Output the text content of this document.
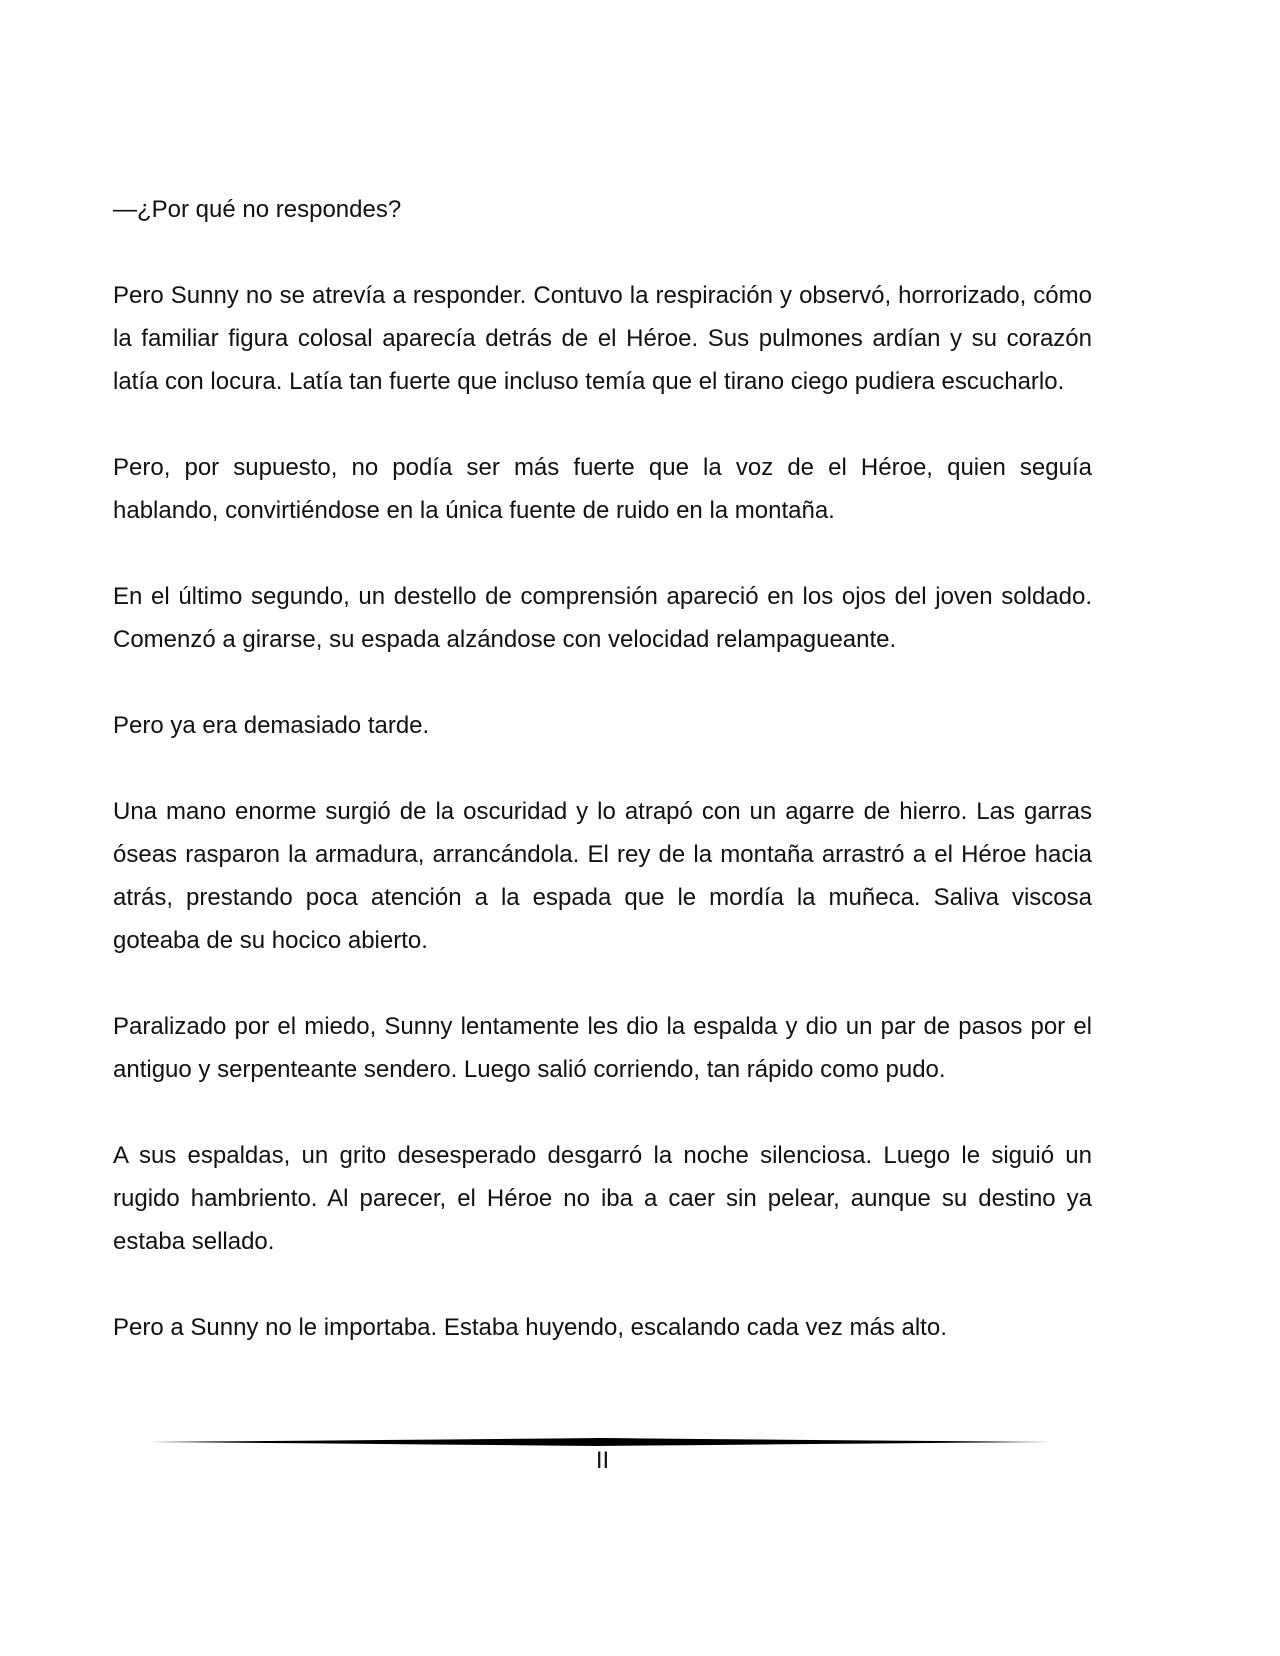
—¿Por qué no respondes?

Pero Sunny no se atrevía a responder. Contuvo la respiración y observó, horrorizado, cómo la familiar figura colosal aparecía detrás de el Héroe. Sus pulmones ardían y su corazón latía con locura. Latía tan fuerte que incluso temía que el tirano ciego pudiera escucharlo.

Pero, por supuesto, no podía ser más fuerte que la voz de el Héroe, quien seguía hablando, convirtiéndose en la única fuente de ruido en la montaña.

En el último segundo, un destello de comprensión apareció en los ojos del joven soldado. Comenzó a girarse, su espada alzándose con velocidad relampagueante.

Pero ya era demasiado tarde.

Una mano enorme surgió de la oscuridad y lo atrapó con un agarre de hierro. Las garras óseas rasparon la armadura, arrancándola. El rey de la montaña arrastró a el Héroe hacia atrás, prestando poca atención a la espada que le mordía la muñeca. Saliva viscosa goteaba de su hocico abierto.

Paralizado por el miedo, Sunny lentamente les dio la espalda y dio un par de pasos por el antiguo y serpenteante sendero. Luego salió corriendo, tan rápido como pudo.

A sus espaldas, un grito desesperado desgarró la noche silenciosa. Luego le siguió un rugido hambriento. Al parecer, el Héroe no iba a caer sin pelear, aunque su destino ya estaba sellado.

Pero a Sunny no le importaba. Estaba huyendo, escalando cada vez más alto.

II
